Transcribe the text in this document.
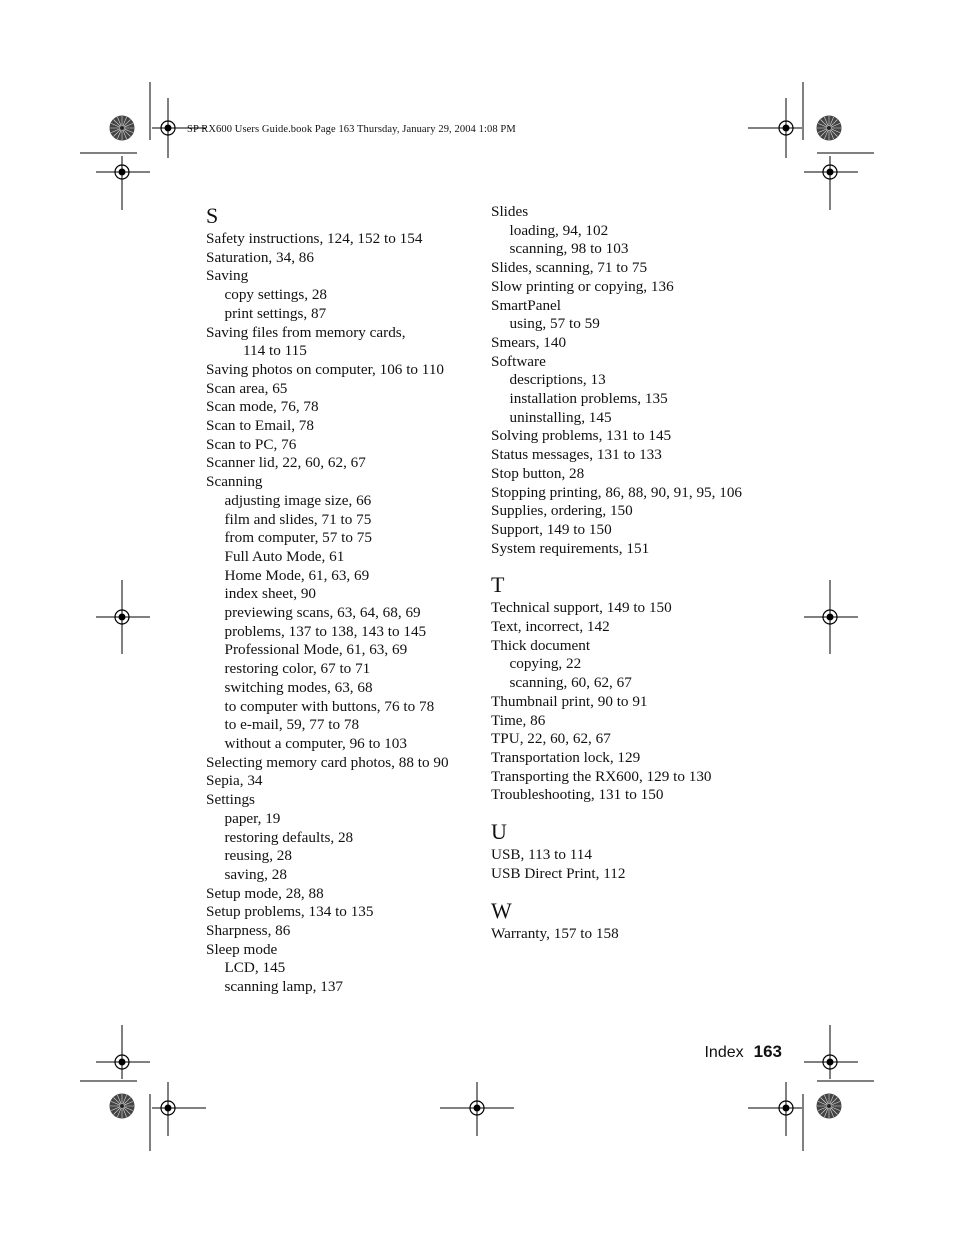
SP RX600 Users Guide.book Page 163 Thursday, January 29, 2004 1:08 PM
S
Safety instructions, 124, 152 to 154
Saturation, 34, 86
Saving
copy settings, 28
print settings, 87
Saving files from memory cards,
114 to 115
Saving photos on computer, 106 to 110
Scan area, 65
Scan mode, 76, 78
Scan to Email, 78
Scan to PC, 76
Scanner lid, 22, 60, 62, 67
Scanning
adjusting image size, 66
film and slides, 71 to 75
from computer, 57 to 75
Full Auto Mode, 61
Home Mode, 61, 63, 69
index sheet, 90
previewing scans, 63, 64, 68, 69
problems, 137 to 138, 143 to 145
Professional Mode, 61, 63, 69
restoring color, 67 to 71
switching modes, 63, 68
to computer with buttons, 76 to 78
to e-mail, 59, 77 to 78
without a computer, 96 to 103
Selecting memory card photos, 88 to 90
Sepia, 34
Settings
paper, 19
restoring defaults, 28
reusing, 28
saving, 28
Setup mode, 28, 88
Setup problems, 134 to 135
Sharpness, 86
Sleep mode
LCD, 145
scanning lamp, 137
Slides
loading, 94, 102
scanning, 98 to 103
Slides, scanning, 71 to 75
Slow printing or copying, 136
SmartPanel
using, 57 to 59
Smears, 140
Software
descriptions, 13
installation problems, 135
uninstalling, 145
Solving problems, 131 to 145
Status messages, 131 to 133
Stop button, 28
Stopping printing, 86, 88, 90, 91, 95, 106
Supplies, ordering, 150
Support, 149 to 150
System requirements, 151
T
Technical support, 149 to 150
Text, incorrect, 142
Thick document
copying, 22
scanning, 60, 62, 67
Thumbnail print, 90 to 91
Time, 86
TPU, 22, 60, 62, 67
Transportation lock, 129
Transporting the RX600, 129 to 130
Troubleshooting, 131 to 150
U
USB, 113 to 114
USB Direct Print, 112
W
Warranty, 157 to 158
Index 163
